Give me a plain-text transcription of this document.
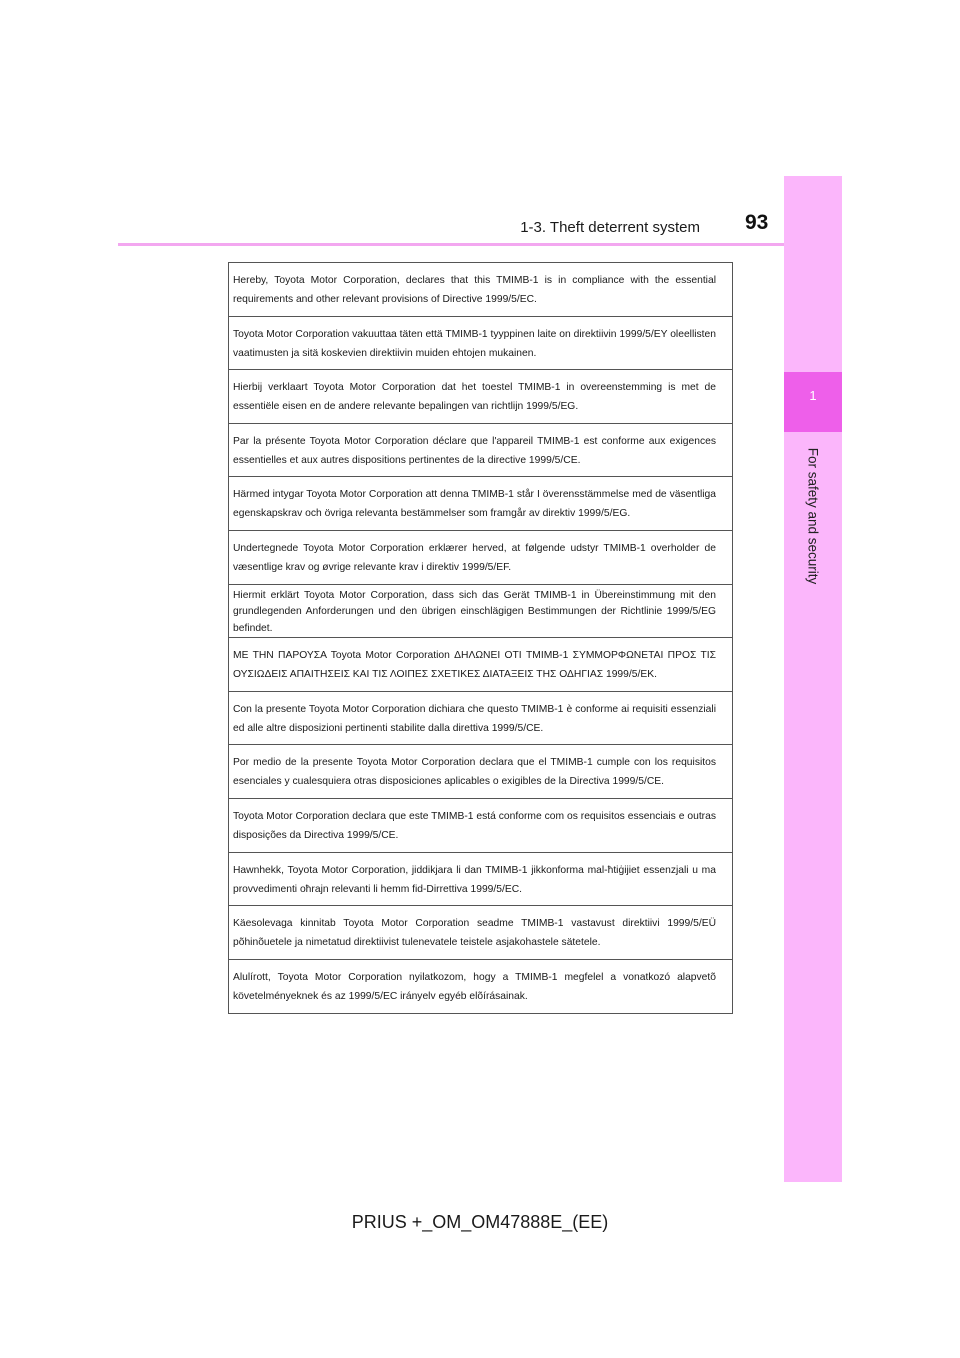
93
1-3. Theft deterrent system
1
For safety and security
Hereby, Toyota Motor Corporation, declares that this TMIMB-1 is in compliance with the essential requirements and other relevant provisions of Directive 1999/5/EC.
Toyota Motor Corporation vakuuttaa täten että TMIMB-1 tyyppinen laite on direktiivin 1999/5/EY oleellisten vaatimusten ja sitä koskevien direktiivin muiden ehtojen mukainen.
Hierbij verklaart Toyota Motor Corporation dat het toestel TMIMB-1 in overeenstemming is met de essentiële eisen en de andere relevante bepalingen van richtlijn 1999/5/EG.
Par la présente Toyota Motor Corporation déclare que l'appareil TMIMB-1 est conforme aux exigences essentielles et aux autres dispositions pertinentes de la directive 1999/5/CE.
Härmed intygar Toyota Motor Corporation att denna TMIMB-1 står I överensstämmelse med de väsentliga egenskapskrav och övriga relevanta bestämmelser som framgår av direktiv 1999/5/EG.
Undertegnede Toyota Motor Corporation erklærer herved, at følgende udstyr TMIMB-1 overholder de væsentlige krav og øvrige relevante krav i direktiv 1999/5/EF.
Hiermit erklärt Toyota Motor Corporation, dass sich das Gerät TMIMB-1 in Übereinstimmung mit den grundlegenden Anforderungen und den übrigen einschlägigen Bestimmungen der Richtlinie 1999/5/EG befindet.
ΜΕ ΤΗΝ ΠΑΡΟΥΣΑ Toyota Motor Corporation ΔΗΛΩΝΕΙ ΟΤΙ TMIMB-1 ΣΥΜΜΟΡΦΩΝΕΤΑΙ ΠΡΟΣ ΤΙΣ ΟΥΣΙΩΔΕΙΣ ΑΠΑΙΤΗΣΕΙΣ ΚΑΙ ΤΙΣ ΛΟΙΠΕΣ ΣΧΕΤΙΚΕΣ ΔΙΑΤΑΞΕΙΣ ΤΗΣ ΟΔΗΓΙΑΣ 1999/5/ΕΚ.
Con la presente Toyota Motor Corporation dichiara che questo TMIMB-1 è conforme ai requisiti essenziali ed alle altre disposizioni pertinenti stabilite dalla direttiva 1999/5/CE.
Por medio de la presente Toyota Motor Corporation declara que el TMIMB-1 cumple con los requisitos esenciales y cualesquiera otras disposiciones aplicables o exigibles de la Directiva 1999/5/CE.
Toyota Motor Corporation declara que este TMIMB-1 está conforme com os requisitos essenciais e outras disposições da Directiva 1999/5/CE.
Hawnhekk, Toyota Motor Corporation, jiddikjara li dan TMIMB-1 jikkonforma mal-ħtiġijiet essenzjali u ma provvedimenti oħrajn relevanti li hemm fid-Dirrettiva 1999/5/EC.
Käesolevaga kinnitab Toyota Motor Corporation seadme TMIMB-1 vastavust direktiivi 1999/5/EÜ põhinõuetele ja nimetatud direktiivist tulenevatele teistele asjakohastele sätetele.
Alulírott, Toyota Motor Corporation nyilatkozom, hogy a TMIMB-1 megfelel a vonatkozó alapvetõ követelményeknek és az 1999/5/EC irányelv egyéb elõírásainak.
PRIUS +_OM_OM47888E_(EE)
